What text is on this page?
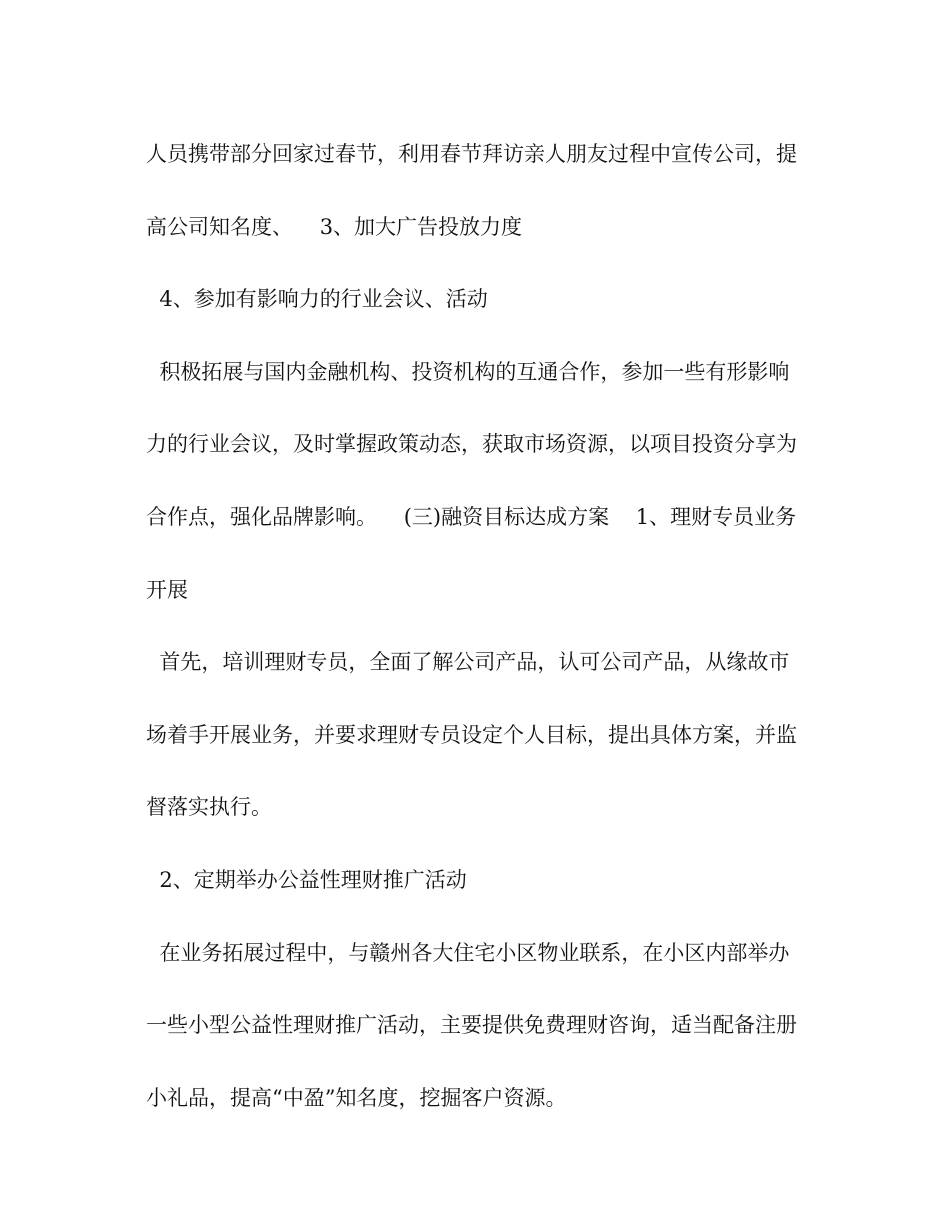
人员携带部分回家过春节，利用春节拜访亲人朋友过程中宣传公司，提高公司知名度、    3、加大广告投放力度

4、参加有影响力的行业会议、活动

积极拓展与国内金融机构、投资机构的互通合作，参加一些有形影响力的行业会议，及时掌握政策动态，获取市场资源，以项目投资分享为合作点，强化品牌影响。    (三)融资目标达成方案    1、理财专员业务开展

首先，培训理财专员，全面了解公司产品，认可公司产品，从缘故市场着手开展业务，并要求理财专员设定个人目标，提出具体方案，并监督落实执行。

2、定期举办公益性理财推广活动

在业务拓展过程中，与赣州各大住宅小区物业联系，在小区内部举办一些小型公益性理财推广活动，主要提供免费理财咨询，适当配备注册小礼品，提高“中盈”知名度，挖掘客户资源。
